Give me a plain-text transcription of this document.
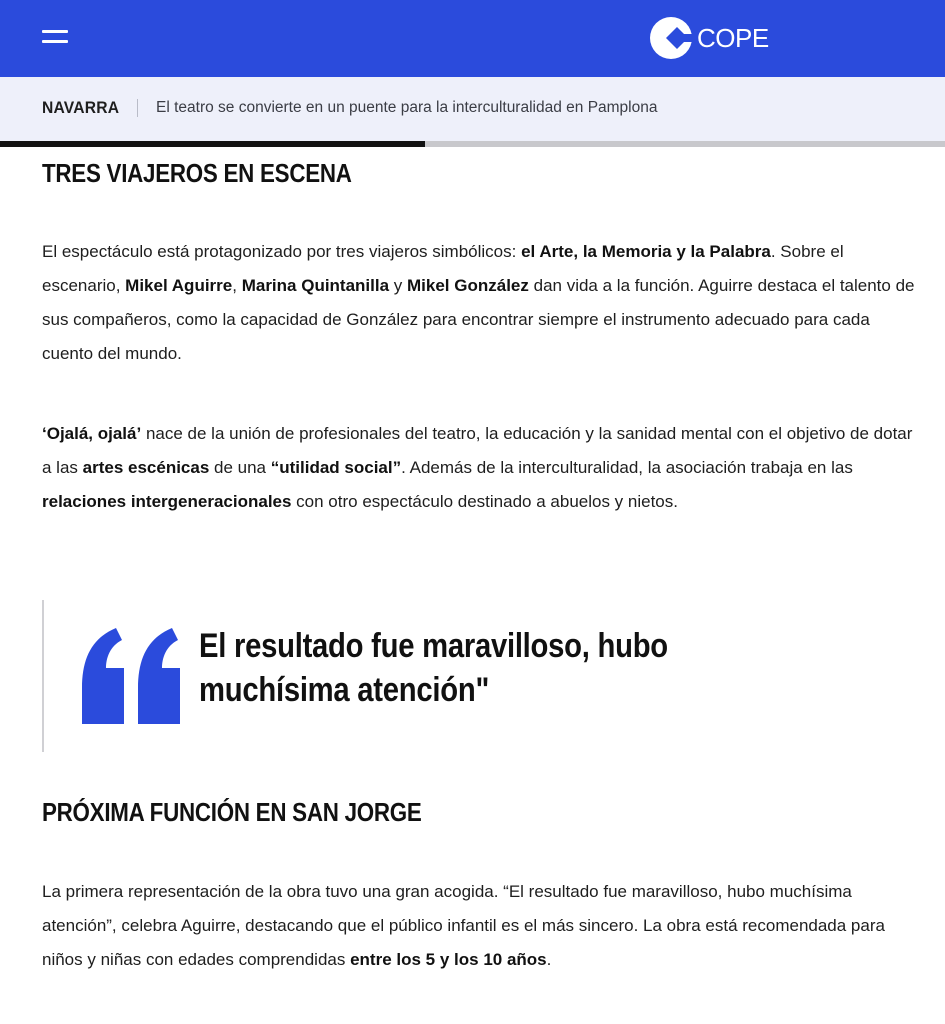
COPE
NAVARRA El teatro se convierte en un puente para la interculturalidad en Pamplona
TRES VIAJEROS EN ESCENA

El espectáculo está protagonizado por tres viajeros simbólicos: el Arte, la Memoria y la Palabra. Sobre el escenario, Mikel Aguirre, Marina Quintanilla y Mikel González dan vida a la función. Aguirre destaca el talento de sus compañeros, como la capacidad de González para encontrar siempre el instrumento adecuado para cada cuento del mundo.

‘Ojalá, ojalá’ nace de la unión de profesionales del teatro, la educación y la sanidad mental con el objetivo de dotar a las artes escénicas de una “utilidad social”. Además de la interculturalidad, la asociación trabaja en las relaciones intergeneracionales con otro espectáculo destinado a abuelos y nietos.

El resultado fue maravilloso, hubo muchísima atención"
PRÓXIMA FUNCIÓN EN SAN JORGE

La primera representación de la obra tuvo una gran acogida. “El resultado fue maravilloso, hubo muchísima atención”, celebra Aguirre, destacando que el público infantil es el más sincero. La obra está recomendada para niños y niñas con edades comprendidas entre los 5 y los 10 años.
